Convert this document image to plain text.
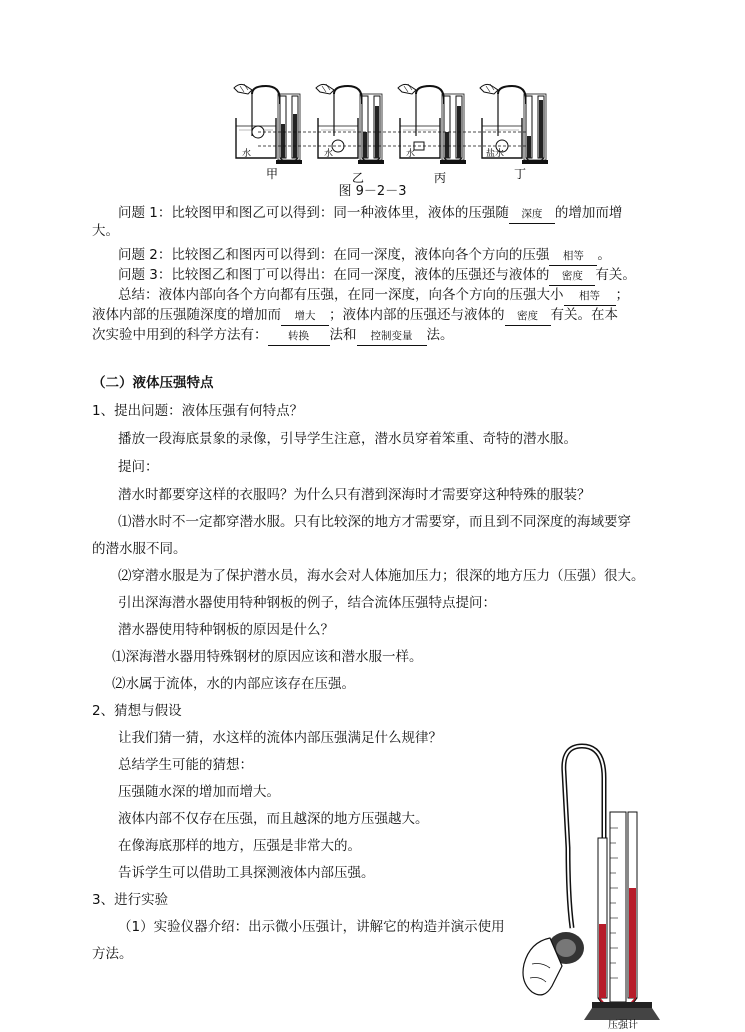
水	水	水	盐水
甲	乙	丙	丁
图 9－2－3
问题 1：比较图甲和图乙可以得到：同一种液体里，液体的压强随 深度 的增加而增
大。
问题 2：比较图乙和图丙可以得到：在同一深度，液体向各个方向的压强 相等 。
问题 3：比较图乙和图丁可以得出：在同一深度，液体的压强还与液体的 密度 有关。
总结：液体内部向各个方向都有压强，在同一深度，向各个方向的压强大小 相等 ；
液体内部的压强随深度的增加而 增大 ；液体内部的压强还与液体的 密度 有关。在本
次实验中用到的科学方法有： 转换 法和 控制变量 法。
（二）液体压强特点
1、提出问题：液体压强有何特点？
播放一段海底景象的录像，引导学生注意，潜水员穿着笨重、奇特的潜水服。
提问：
潜水时都要穿这样的衣服吗？为什么只有潜到深海时才需要穿这种特殊的服装？
⑴潜水时不一定都穿潜水服。只有比较深的地方才需要穿，而且到不同深度的海域要穿
的潜水服不同。
⑵穿潜水服是为了保护潜水员，海水会对人体施加压力；很深的地方压力（压强）很大。
引出深海潜水器使用特种钢板的例子，结合流体压强特点提问：
潜水器使用特种钢板的原因是什么？
⑴深海潜水器用特殊钢材的原因应该和潜水服一样。
⑵水属于流体，水的内部应该存在压强。
2、猜想与假设
让我们猜一猜，水这样的流体内部压强满足什么规律？
总结学生可能的猜想：
压强随水深的增加而增大。
液体内部不仅存在压强，而且越深的地方压强越大。
在像海底那样的地方，压强是非常大的。
告诉学生可以借助工具探测液体内部压强。
3、进行实验
（1）实验仪器介绍：出示微小压强计，讲解它的构造并演示使用
方法。
压强计
